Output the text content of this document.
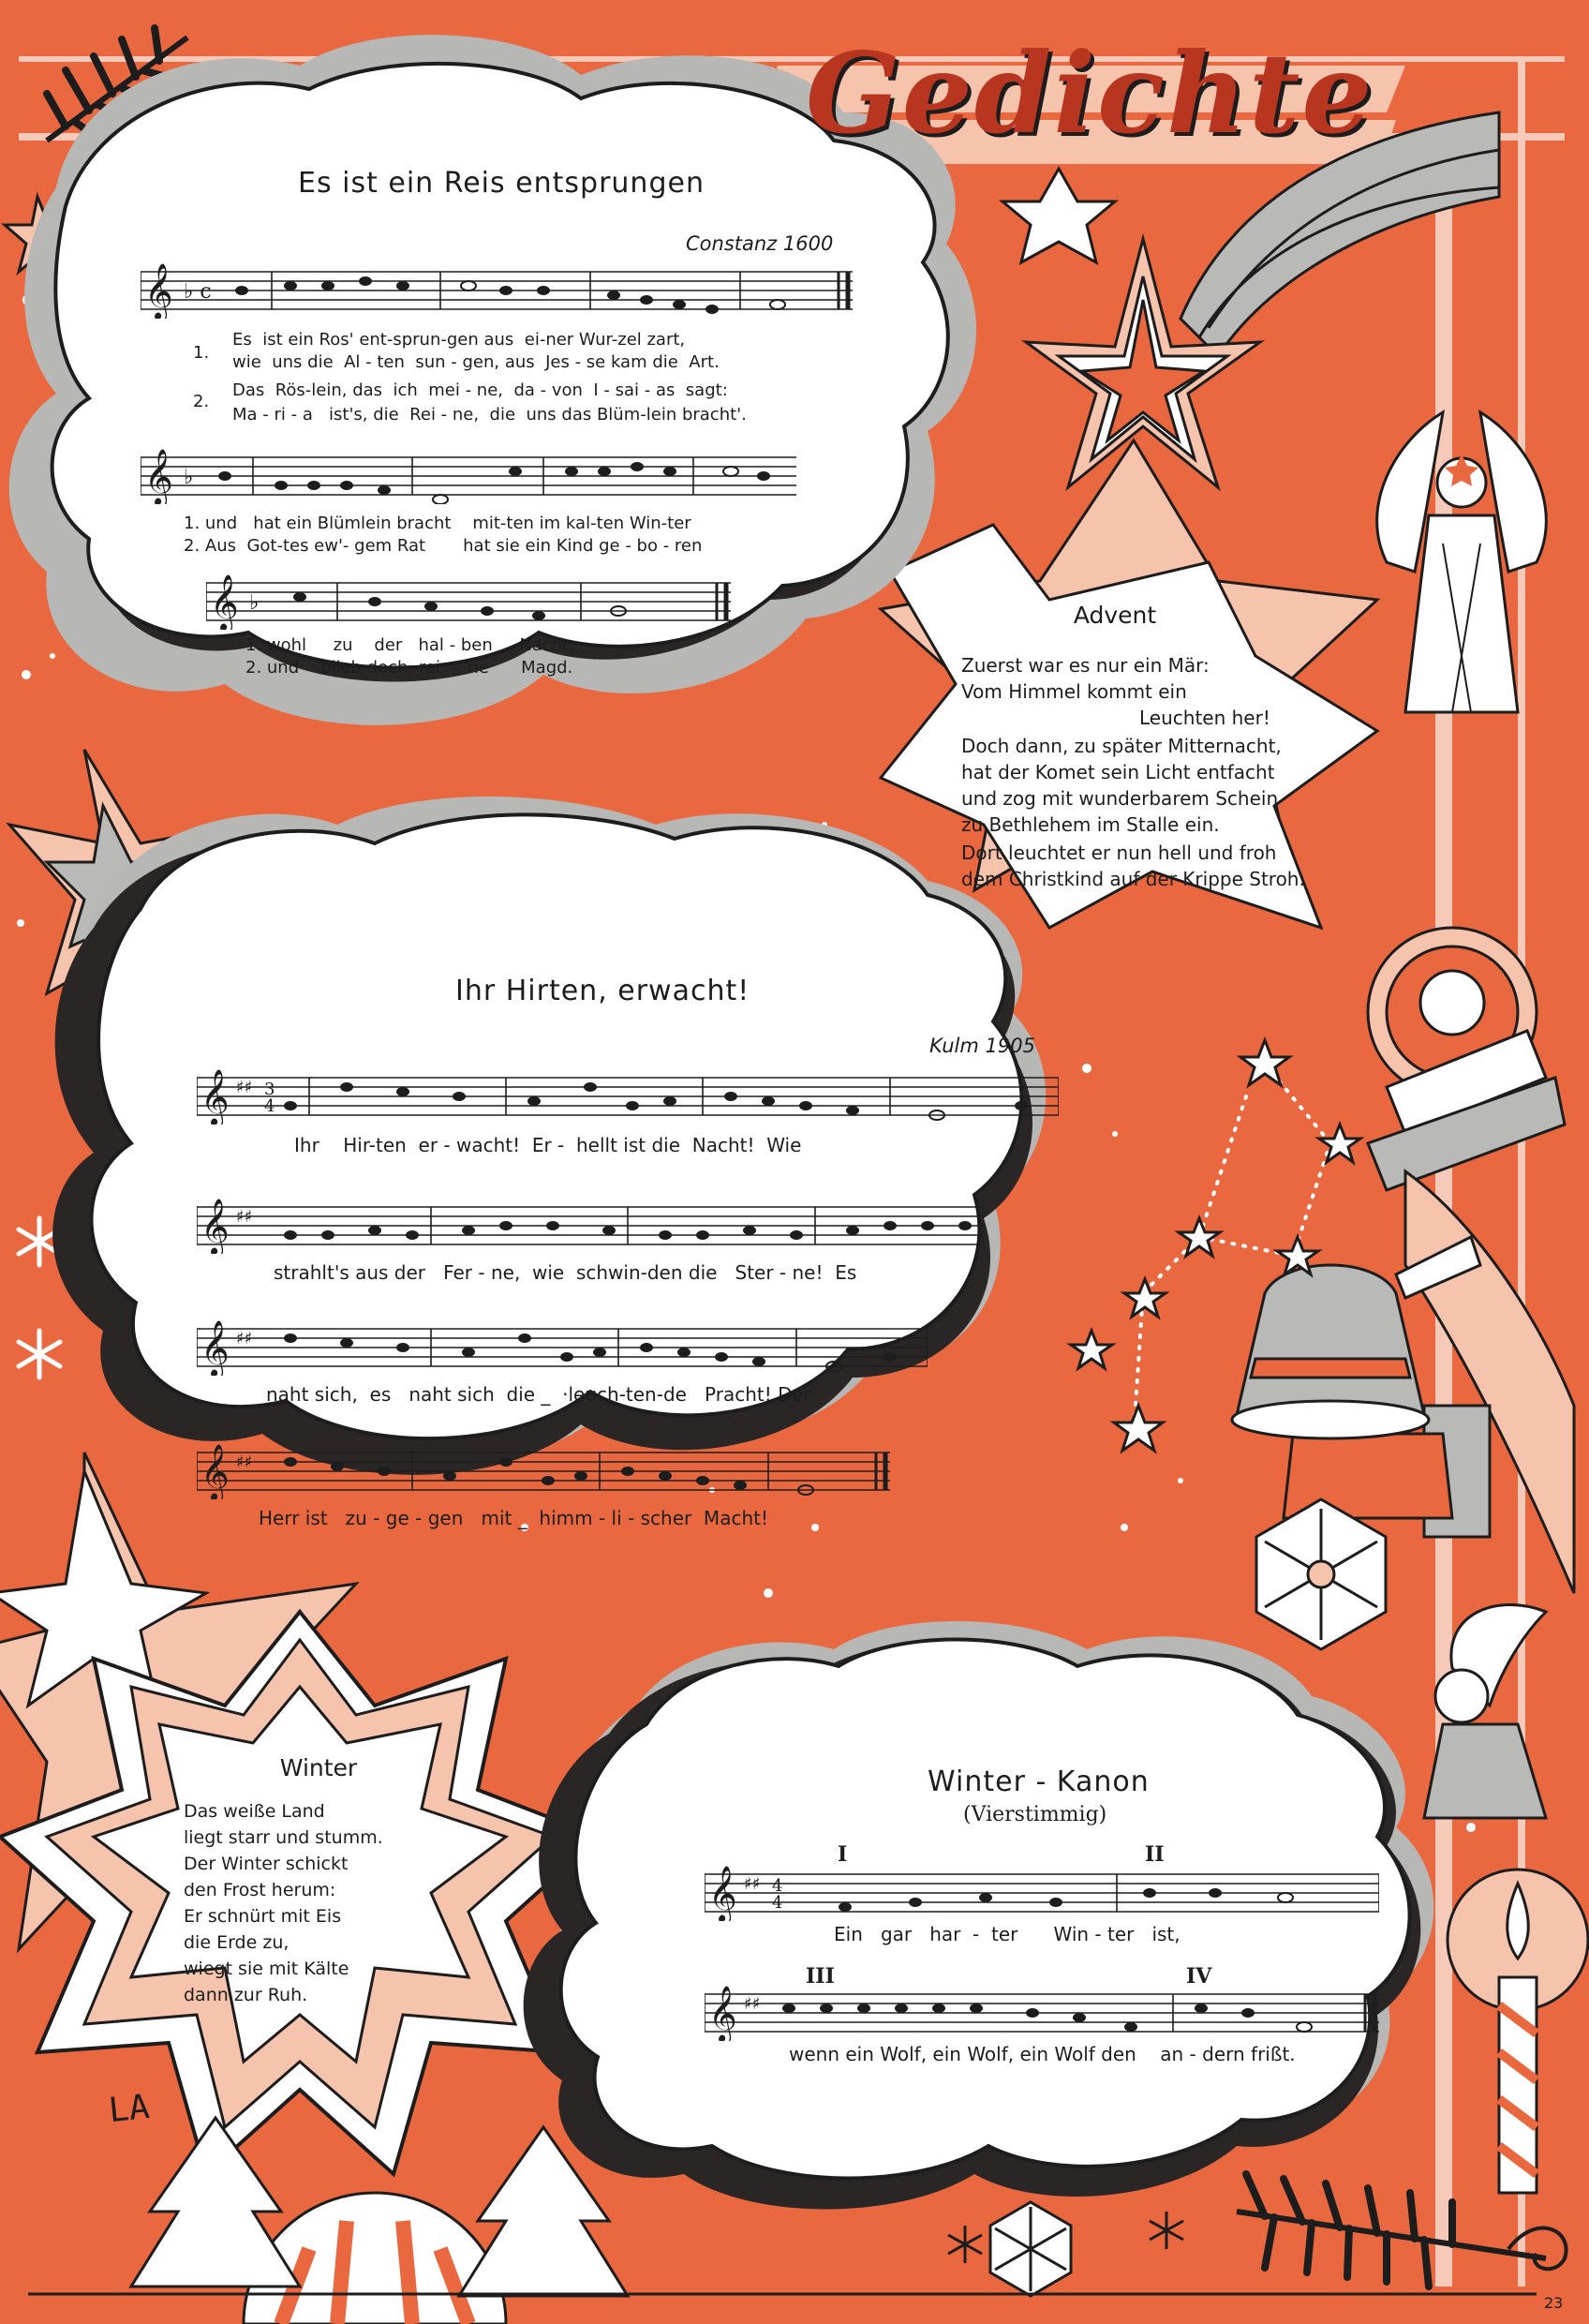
Gedichte
Es ist ein Reis entsprungen
Constanz 1600
𝄞 ♭ c
1.
2.
Es  ist ein Ros' ent-sprun-gen aus  ei-ner Wur-zel zart,
wie  uns die  Al - ten  sun - gen, aus  Jes - se kam die  Art.
Das  Rös-lein, das  ich  mei - ne,  da - von  I - sai - as  sagt:
Ma - ri - a   ist's, die  Rei - ne,  die  uns das Blüm-lein bracht'.
𝄞 ♭
1. und   hat ein Blümlein bracht    mit-ten im kal-ten Win-ter
2. Aus  Got-tes ew'- gem Rat       hat sie ein Kind ge - bo - ren
𝄞 ♭
1. wohl     zu    der   hal - ben     Nacht.
2. und    blieb doch  rei  -  ne      Magd.
Advent
Zuerst war es nur ein Mär:
Vom Himmel kommt ein
Leuchten her!
Doch dann, zu später Mitternacht,
hat der Komet sein Licht entfacht
und zog mit wunderbarem Schein
zu Bethlehem im Stalle ein.
Dort leuchtet er nun hell und froh
dem Christkind auf der Krippe Stroh.
Ihr Hirten, erwacht!
Kulm 1905
𝄞 ♯♯ 3
4
Ihr    Hir-ten  er - wacht!  Er -  hellt ist die  Nacht!  Wie
𝄞 ♯♯
strahlt's aus der   Fer - ne,  wie  schwin-den die   Ster - ne!  Es
𝄞 ♯♯
naht sich,  es   naht sich  die _  ·leuch-ten-de   Pracht! Der
𝄞 ♯♯
Herr ist   zu - ge - gen   mit _  himm - li - scher  Macht!
Winter
Das weiße Land
liegt starr und stumm.
Der Winter schickt
den Frost herum:
Er schnürt mit Eis
die Erde zu,
wiegt sie mit Kälte
dann zur Ruh.
Winter - Kanon
(Vierstimmig)
I	II
𝄞 ♯♯ 4
4
Ein   gar   har  -  ter      Win - ter   ist,
III	IV
𝄞 ♯♯
wenn ein Wolf, ein Wolf, ein Wolf den    an - dern frißt.
LA
23
